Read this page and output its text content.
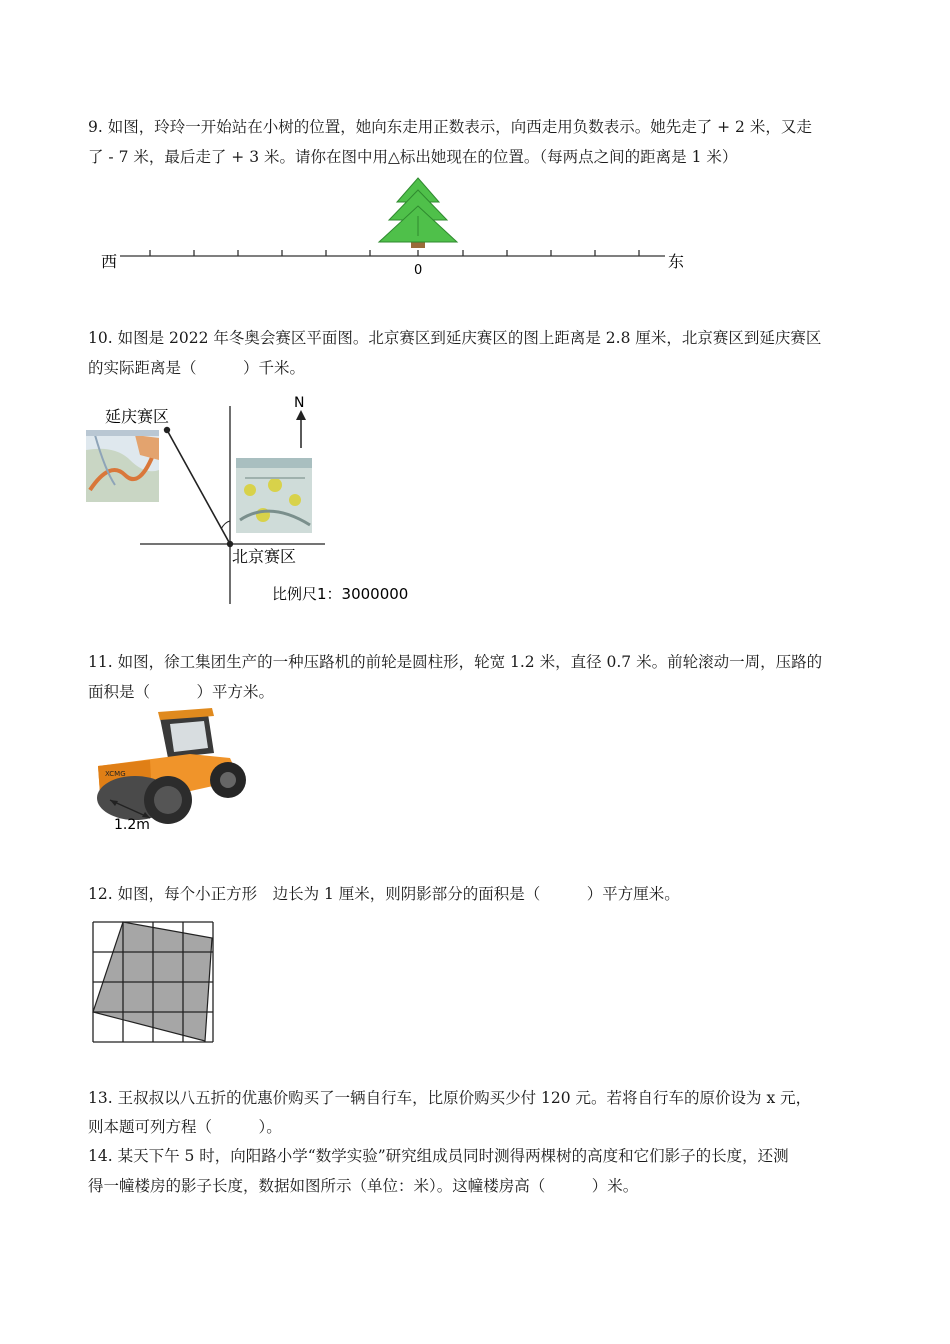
9. 如图，玲玲一开始站在小树的位置，她向东走用正数表示，向西走用负数表示。她先走了 + 2 米，又走
了 - 7 米，最后走了 + 3 米。请你在图中用△标出她现在的位置。（每两点之间的距离是 1 米）
西	东
0
10. 如图是 2022 年冬奥会赛区平面图。北京赛区到延庆赛区的图上距离是 2.8 厘米，北京赛区到延庆赛区
的实际距离是（　　　）千米。
N
延庆赛区
北京赛区
比例尺1：3000000
11. 如图，徐工集团生产的一种压路机的前轮是圆柱形，轮宽 1.2 米，直径 0.7 米。前轮滚动一周，压路的
面积是（　　　）平方米。
XCMG
1.2m
12. 如图，每个小正方形　边长为 1 厘米，则阴影部分的面积是（　　　）平方厘米。
13. 王叔叔以八五折的优惠价购买了一辆自行车，比原价购买少付 120 元。若将自行车的原价设为 x 元，
则本题可列方程（　　　）。
14. 某天下午 5 时，向阳路小学“数学实验”研究组成员同时测得两棵树的高度和它们影子的长度，还测
得一幢楼房的影子长度，数据如图所示（单位：米）。这幢楼房高（　　　）米。
